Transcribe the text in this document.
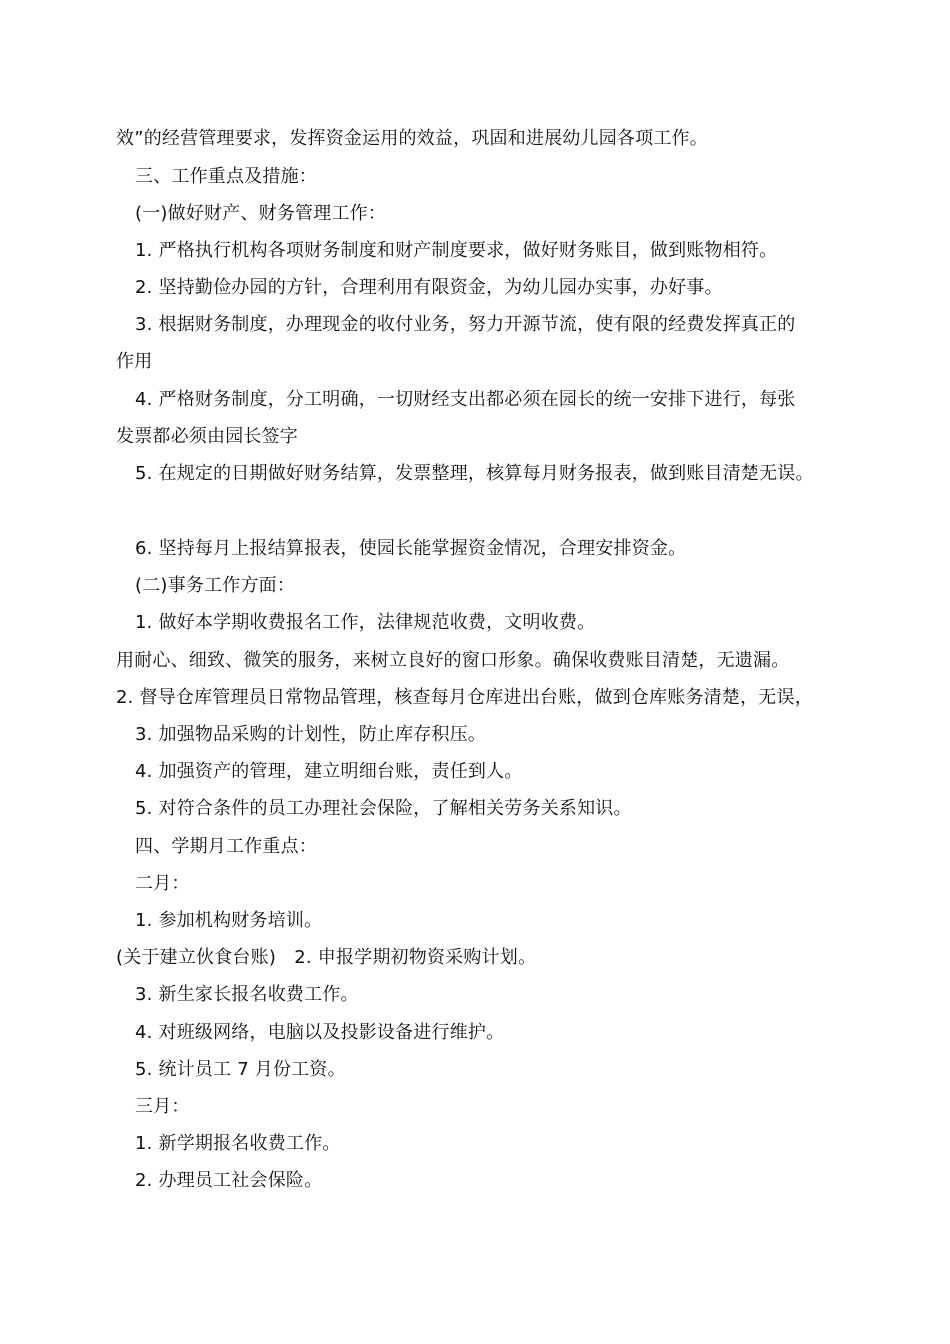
效”的经营管理要求，发挥资金运用的效益，巩固和进展幼儿园各项工作。
三、工作重点及措施：
(一)做好财产、财务管理工作：
1. 严格执行机构各项财务制度和财产制度要求，做好财务账目，做到账物相符。
2. 坚持勤俭办园的方针，合理利用有限资金，为幼儿园办实事，办好事。
3. 根据财务制度，办理现金的收付业务，努力开源节流，使有限的经费发挥真正的
作用
4. 严格财务制度，分工明确，一切财经支出都必须在园长的统一安排下进行，每张
发票都必须由园长签字
5. 在规定的日期做好财务结算，发票整理，核算每月财务报表，做到账目清楚无误。
6. 坚持每月上报结算报表，使园长能掌握资金情况，合理安排资金。
(二)事务工作方面：
1. 做好本学期收费报名工作，法律规范收费，文明收费。
用耐心、细致、微笑的服务，来树立良好的窗口形象。确保收费账目清楚，无遗漏。
2. 督导仓库管理员日常物品管理，核查每月仓库进出台账，做到仓库账务清楚，无误，
3. 加强物品采购的计划性，防止库存积压。
4. 加强资产的管理，建立明细台账，责任到人。
5. 对符合条件的员工办理社会保险，了解相关劳务关系知识。
四、学期月工作重点：
二月：
1. 参加机构财务培训。
(关于建立伙食台账)　2. 申报学期初物资采购计划。
3. 新生家长报名收费工作。
4. 对班级网络，电脑以及投影设备进行维护。
5. 统计员工 7 月份工资。
三月：
1. 新学期报名收费工作。
2. 办理员工社会保险。
